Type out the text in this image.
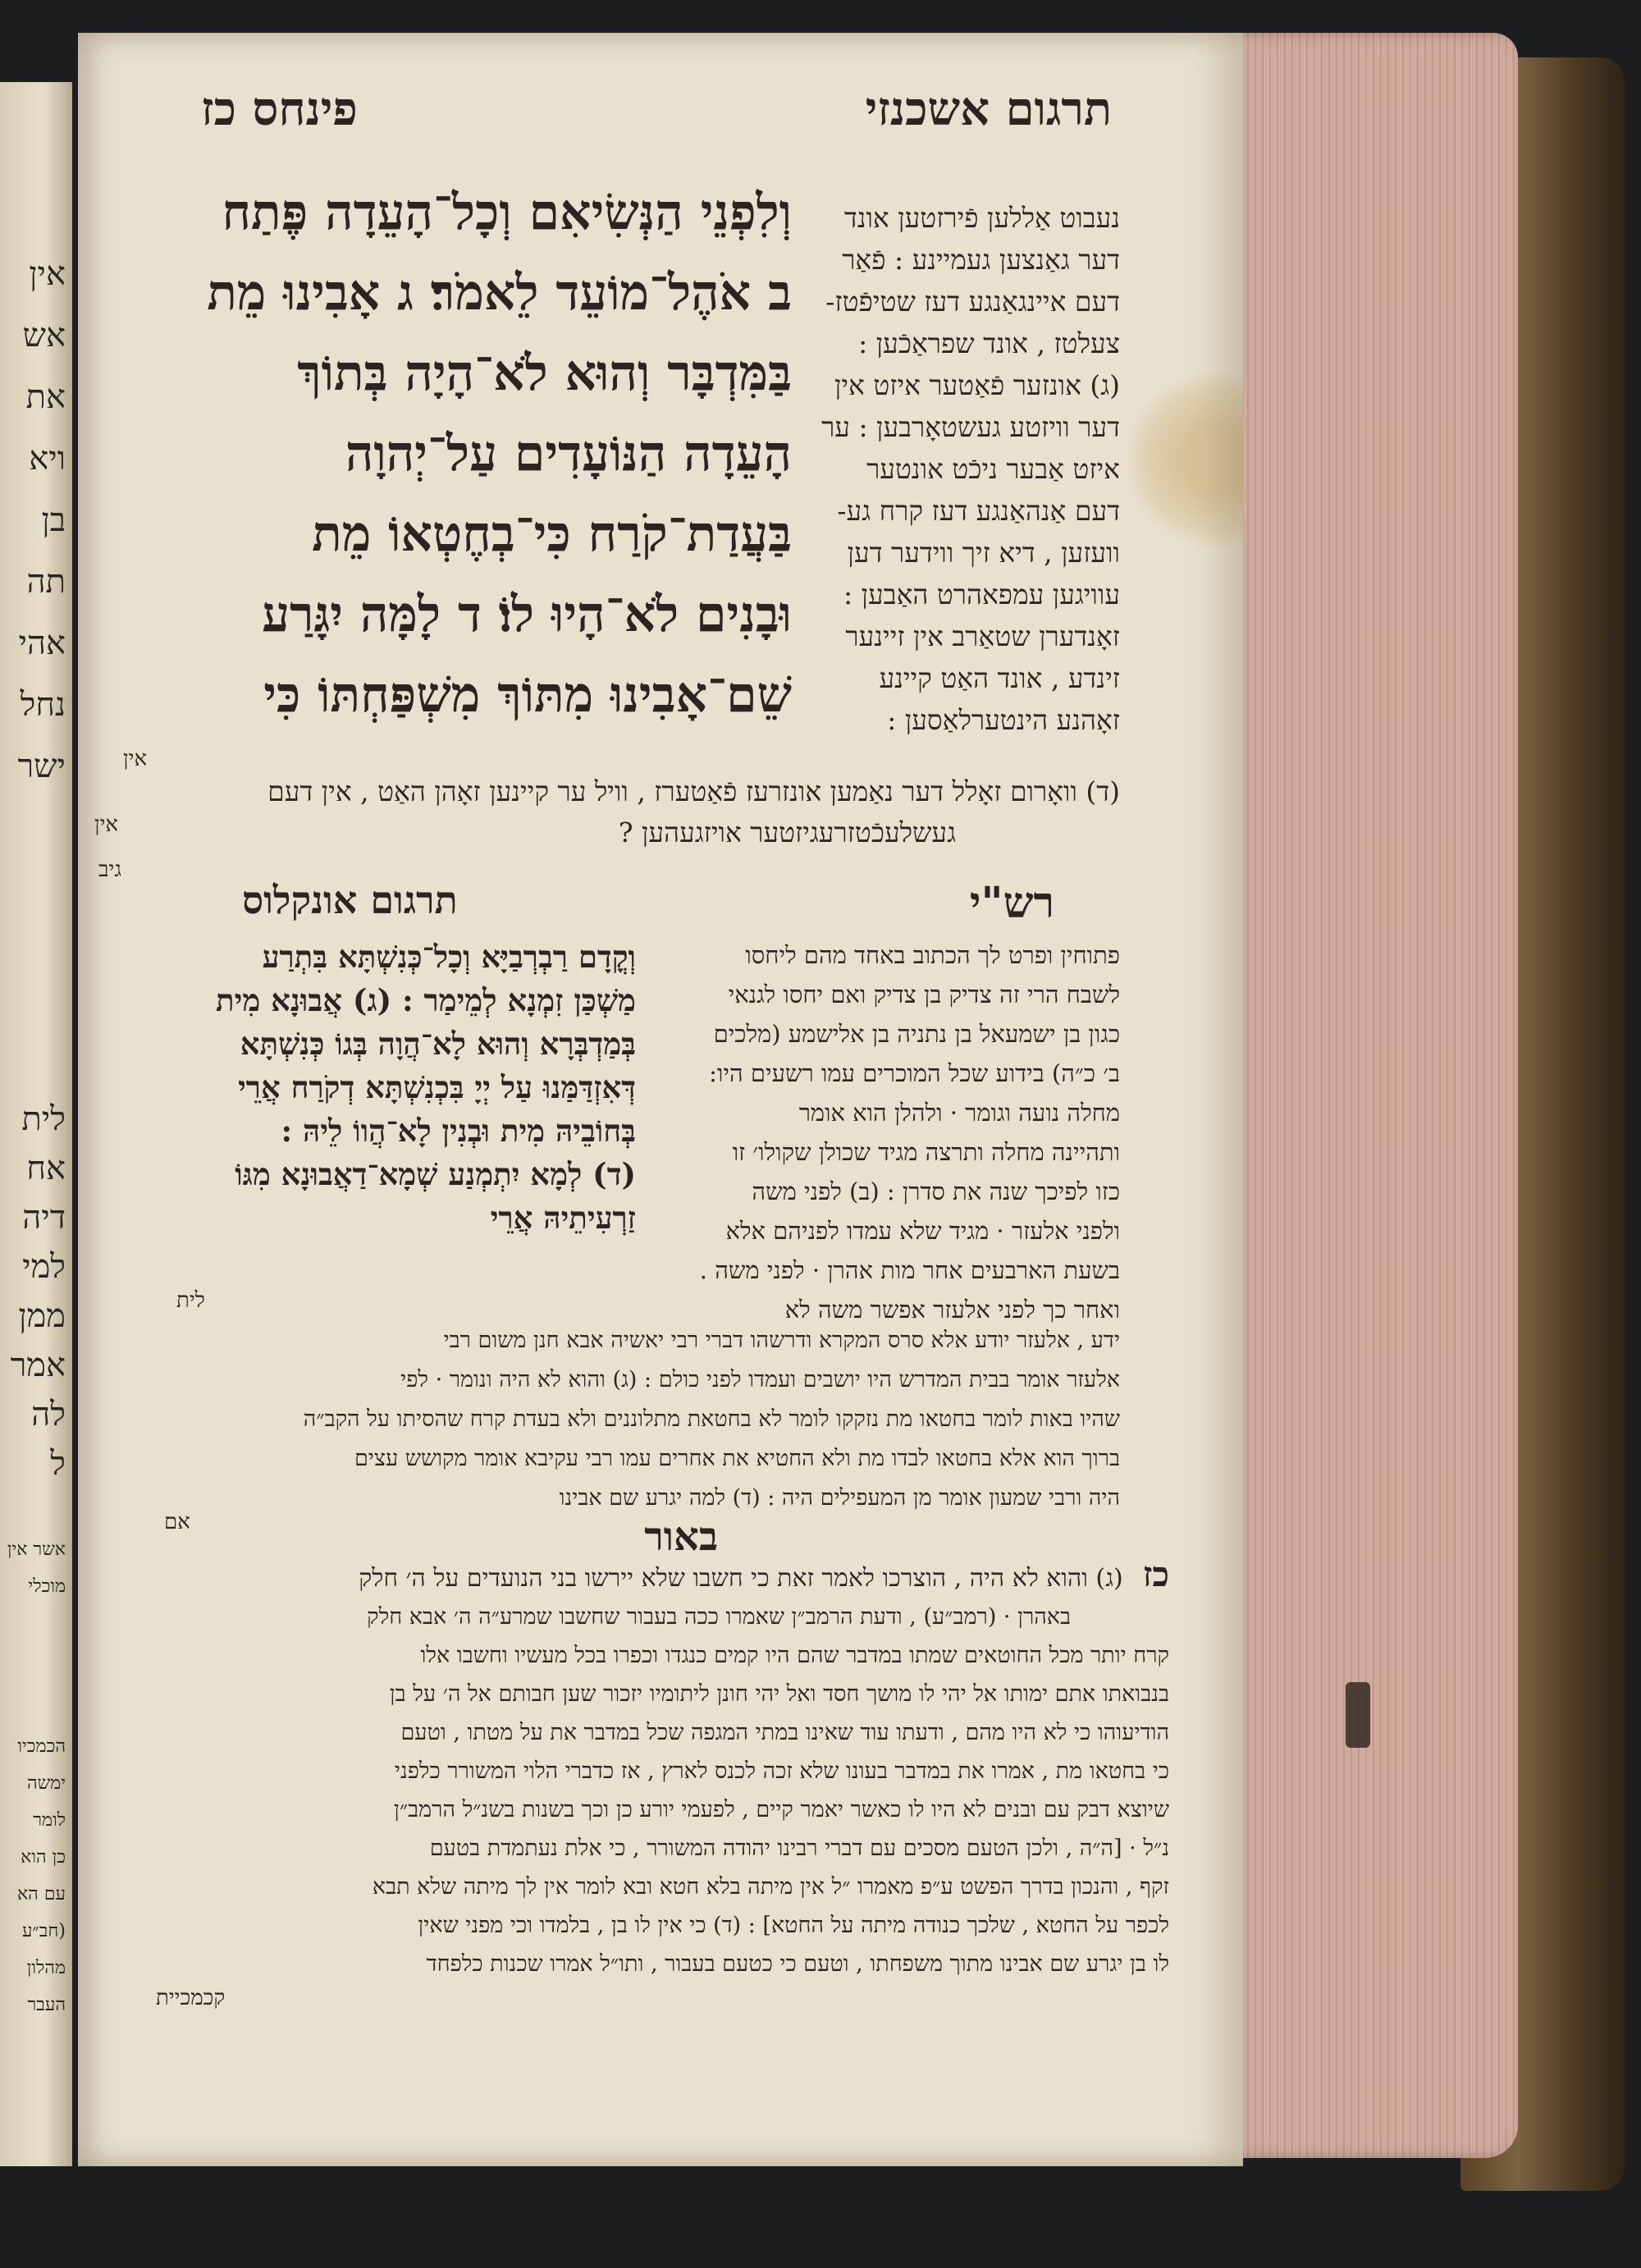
אין
אש
את
ויא
בן
תה
אהי
נחל
ישר
לית
אח
דיה
למי
ממן
אמר
לה
ל
אשר אין
מוכלי
הכמכיו
ימשה
לומר
כן הוא
עם הא
(חב״ע
מהלון
העבר
תרגום אשכנזי
פינחס כז
נעבוט אַללען פֿירזטען אונד
דער גאַנצען געמיינע : פֿאַר
דעם איינגאַנגע דעז שטיפֿטז-
צעלטז , אונד שפראַכֿען :
(ג) אונזער פֿאַטער איזט אין
דער וויזטע געשטאָרבען : ער
איזט אַבער ניכֿט אונטער
דעם אַנהאַנגע דעז קרח גע-
וועזען , דיא זיך ווידער דען
עוויגען עמפאהרט האַבען :
זאָנדערן שטאַרב אין זיינער
זינדע , אונד האַט קיינע
זאָהנע הינטערלאַסען :
וְלִפְנֵי הַנְּשִׂיאִם וְכָל־הָעֵדָה פֶּתַח
ב אֹהֶל־מוֹעֵד לֵאמֹר׃ ג אָבִינוּ מֵת
בַּמִּדְבָּר וְהוּא לֹא־הָיָה בְּתוֹךְ
הָעֵדָה הַנּוֹעָדִים עַל־יְהוָה
בַּעֲדַת־קֹרַח כִּי־בְחֶטְאוֹ מֵת
וּבָנִים לֹא־הָיוּ לוֹ׃ ד לָמָּה יִגָּרַע
שֵׁם־אָבִינוּ מִתּוֹךְ מִשְׁפַּחְתּוֹ כִּי
אין
(ד) וואָרום זאָלל דער נאַמען אונזרעז פֿאַטערז , וויל ער קיינען זאָהן האַט , אין דעם
געשלעכֿטזרעגיזטער אויזגעהען ?
אין
גיב
רש"י
תרגום אונקלוס
פתוחין ופרט לך הכתוב באחד מהם ליחסו
לשבח הרי זה צדיק בן צדיק ואם יחסו לגנאי
כגון בן ישמעאל בן נתניה בן אלישמע (מלכים
ב׳ כ״ה) בידוע שכל המוכרים עמו רשעים היו:
מחלה נועה וגומר · ולהלן הוא אומר
ותהיינה מחלה ותרצה מגיד שכולן שקולו׳ זו
כזו לפיכך שנה את סדרן : (ב) לפני משה
ולפני אלעזר · מגיד שלא עמדו לפניהם אלא
בשעת הארבעים אחר מות אהרן · לפני משה .
ואחר כך לפני אלעזר אפשר משה לא
וְקֳדָם רַבְרְבַיָּא וְכָל־כְּנִשְׁתָּא בִּתְרַע
מַשְׁכַּן זִמְנָא לְמֵימַר : (ג) אֲבוּנָא מִית
בְּמַדְבְּרָא וְהוּא לָא־הֲוָה בְּגוֹ כְּנִשְׁתָּא
דְּאִזְדַּמַּנוּ עַל יְיָ בִּכְנִשְׁתָּא דְקֹרַח אֲרֵי
בְּחוֹבֵיהּ מִית וּבְנִין לָא־הֲווֹ לֵיהּ :
(ד) לְמָא יִתְמְנַע שְׁמָא־דַאֲבוּנָא מִגּוֹ
זַרְעִיתֵיהּ אֲרֵי
לית
ידע , אלעזר יודע אלא סרס המקרא ודרשהו דברי רבי יאשיה אבא חנן משום רבי
אלעזר אומר בבית המדרש היו יושבים ועמדו לפני כולם : (ג) והוא לא היה ונומר · לפי
שהיו באות לומר בחטאו מת נזקקו לומר לא בחטאת מתלוננים ולא בעדת קרח שהסיתו על הקב״ה
ברוך הוא אלא בחטאו לבדו מת ולא החטיא את אחרים עמו רבי עקיבא אומר מקושש עצים
היה ורבי שמעון אומר מן המעפילים היה : (ד) למה יגרע שם אבינו
אם	באור
כז(ג) והוא לא היה , הוצרכו לאמר זאת כי חשבו שלא יירשו בני הנועדים על ה׳ חלק
באהרן · (רמב״ע) , ודעת הרמב״ן שאמרו ככה בעבור שחשבו שמרע״ה ה׳ אבא חלק
קרח יותר מכל החוטאים שמתו במדבר שהם היו קמים כנגדו וכפרו בכל מעשיו וחשבו אלו
בנבואתו אתם ימותו אל יהי לו מושך חסד ואל יהי חונן ליתומיו יזכור שען חבותם אל ה׳ על בן
הודיעוהו כי לא היו מהם , ודעתו עוד שאינו במתי המגפה שכל במדבר את על מטתו , וטעם
כי בחטאו מת , אמרו את במדבר בעונו שלא זכה לכנס לארץ , אז כדברי הלוי המשורר כלפני
שיוצא דבק עם ובנים לא היו לו כאשר יאמר קיים , לפעמי יורע כן וכך בשנות בשנ״ל הרמב״ן
נ״ל · [ה״ה , ולכן הטעם מסכים עם דברי רבינו יהודה המשורר , כי אלת נעתמדת בטעם
זקף , והנכון בדרך הפשט ע״פ מאמרו ״ל אין מיתה בלא חטא ובא לומר אין לך מיתה שלא תבא
לכפר על החטא , שלכך כנודה מיתה על החטא] : (ד) כי אין לו בן , בלמדו וכי מפני שאין
לו בן יגרע שם אבינו מתוך משפחתו , וטעם כי כטעם בעבור , ותו״ל אמרו שכנות כלפחד
קכמכיית
